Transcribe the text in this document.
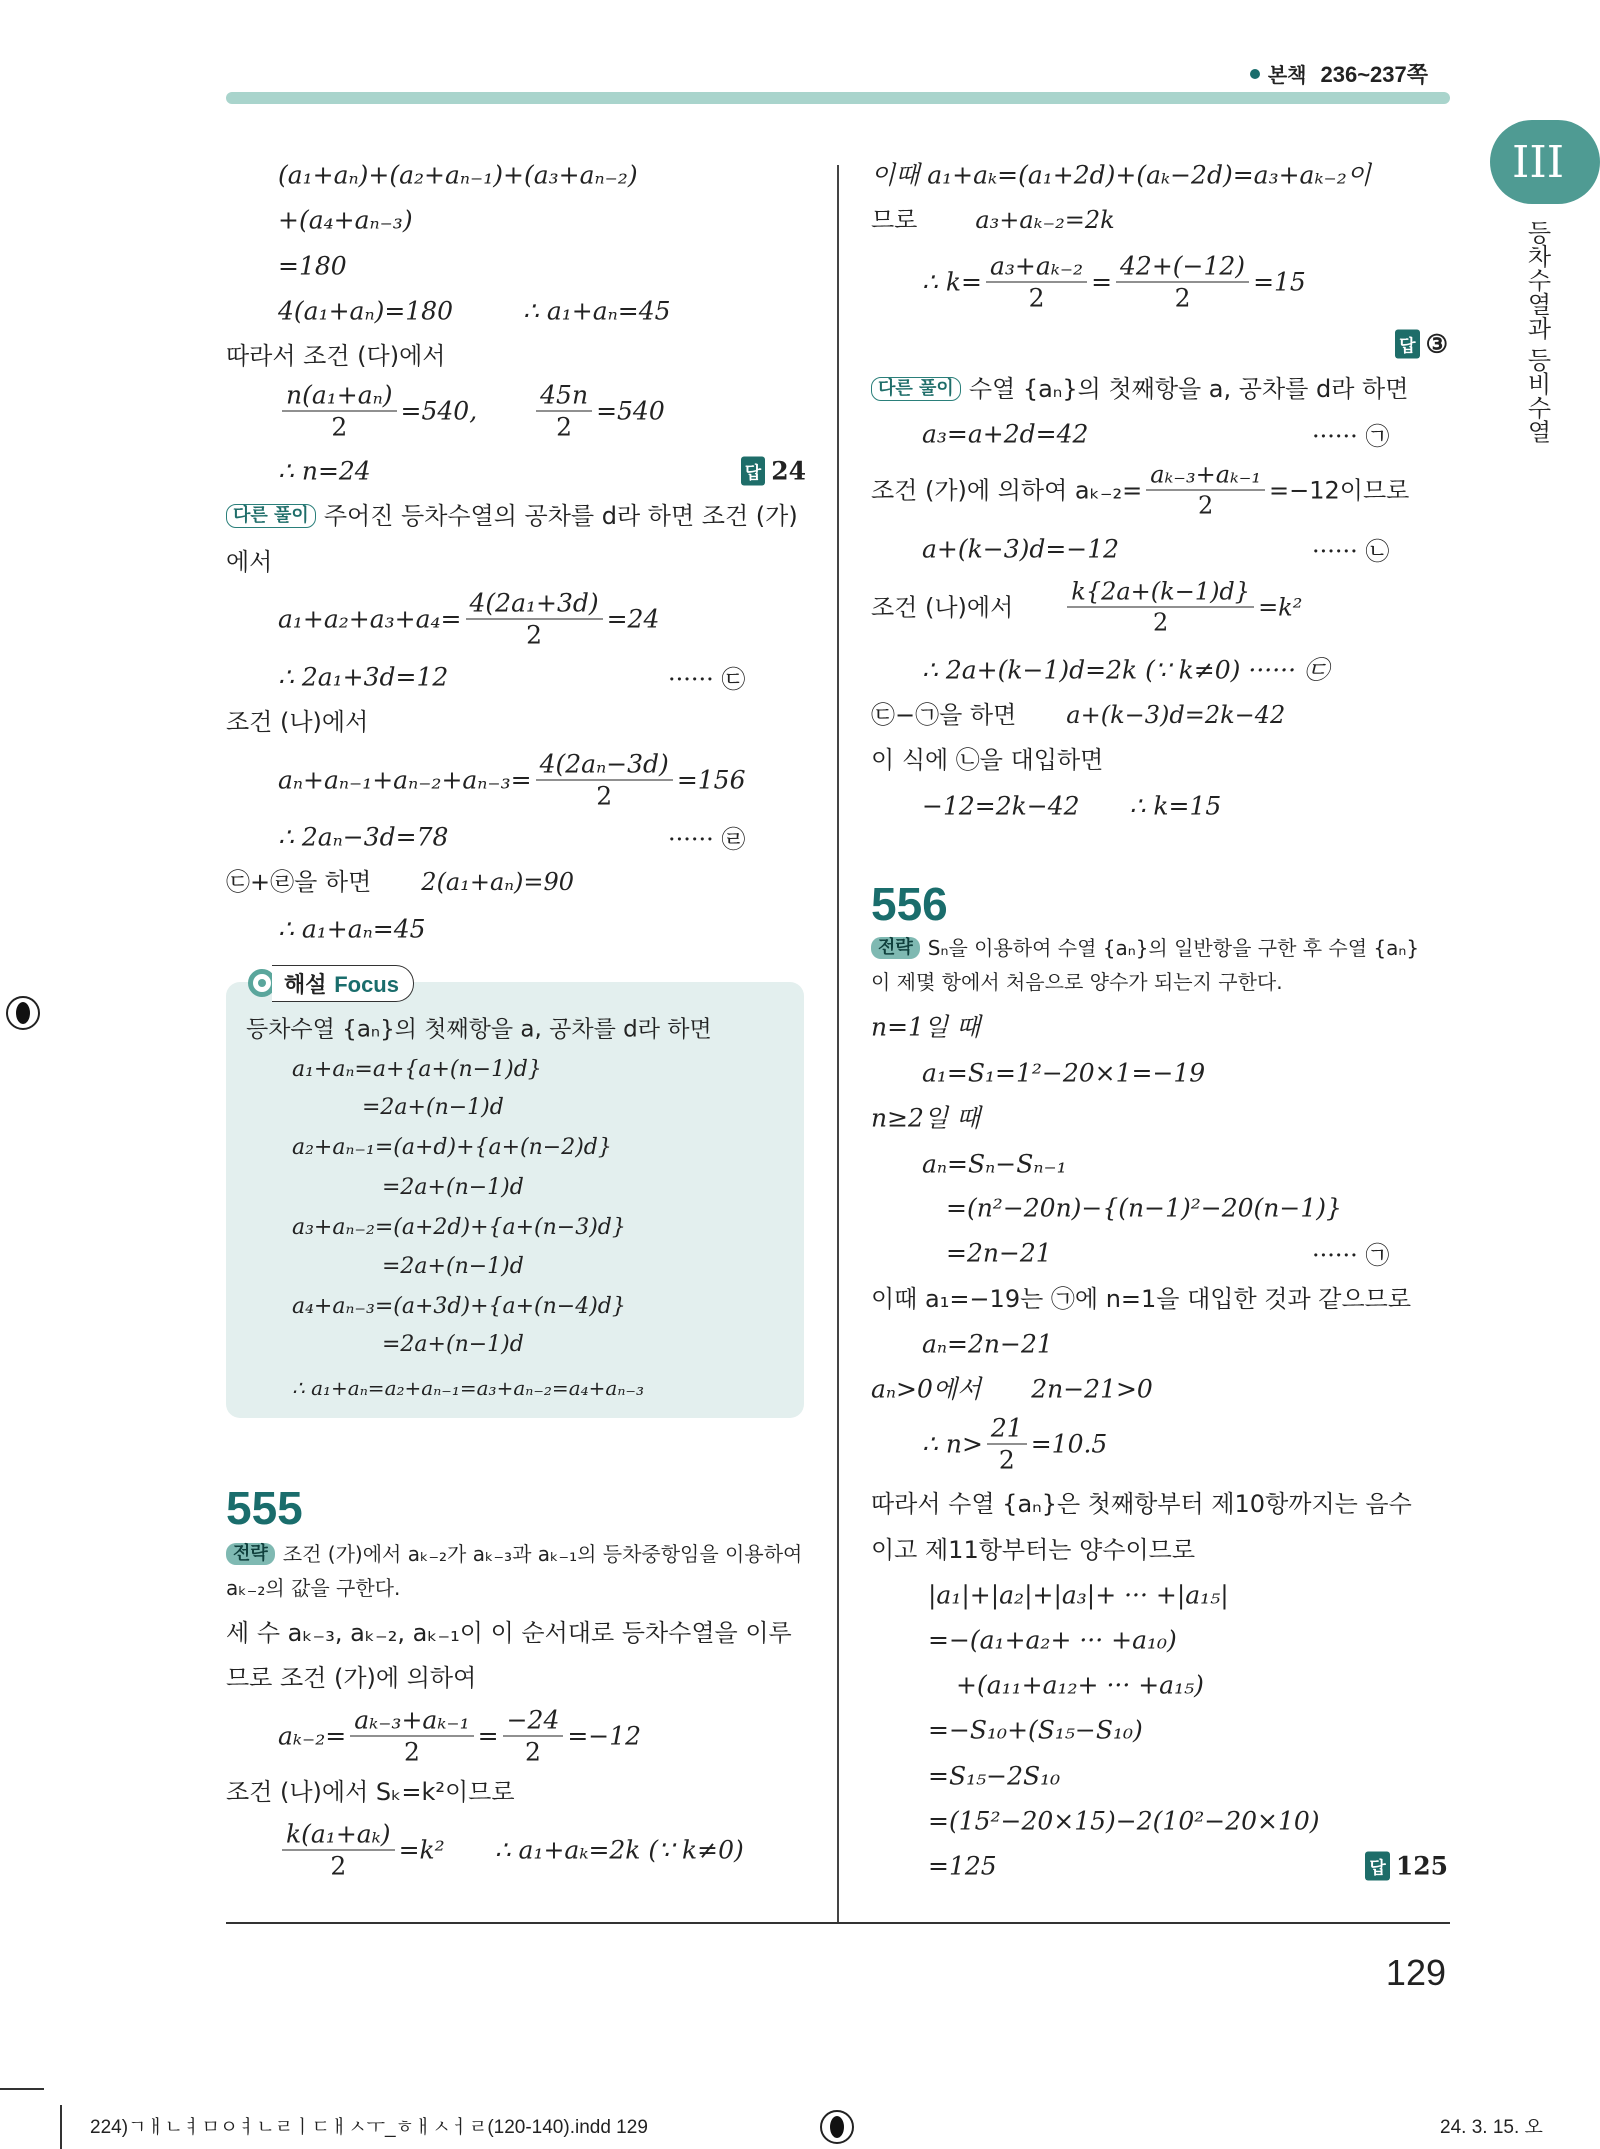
본책 236~237쪽
III
등차수열과 등비수열
(a₁+aₙ)+(a₂+aₙ₋₁)+(a₃+aₙ₋₂)
+(a₄+aₙ₋₃)
=180
4(a₁+aₙ)=180	∴ a₁+aₙ=45
따라서 조건 (다)에서
$\frac{\text{n(a₁+aₙ)}}{2} =540$, $\frac{45n}{2} =540$
∴ n=24	답 24
다른 풀이 주어진 등차수열의 공차를 d라 하면 조건 (가)
에서
$a_1+a_2+a_3+a_4= \frac{\text{4(2a₁+3d)}}{2} =24$
∴ 2a₁+3d=12	······ ㉢
조건 (나)에서
$a_n+a_{n-1}+a_{n-2}+a_{n-3}= \frac{\text{4(2aₙ−3d)}}{2} =156$
∴ 2aₙ−3d=78	······ ㉣
㉢+㉣을 하면 2(a₁+aₙ)=90
∴ a₁+aₙ=45
해설 Focus
등차수열 {aₙ}의 첫째항을 a, 공차를 d라 하면
a₁+aₙ=a+{a+(n−1)d}
=2a+(n−1)d
a₂+aₙ₋₁=(a+d)+{a+(n−2)d}
=2a+(n−1)d
a₃+aₙ₋₂=(a+2d)+{a+(n−3)d}
=2a+(n−1)d
a₄+aₙ₋₃=(a+3d)+{a+(n−4)d}
=2a+(n−1)d
∴ a₁+aₙ=a₂+aₙ₋₁=a₃+aₙ₋₂=a₄+aₙ₋₃
555
전략 조건 (가)에서 aₖ₋₂가 aₖ₋₃과 aₖ₋₁의 등차중항임을 이용하여
aₖ₋₂의 값을 구한다.
세 수 aₖ₋₃, aₖ₋₂, aₖ₋₁이 이 순서대로 등차수열을 이루
므로 조건 (가)에 의하여
$a_{k-2}= \frac{\text{aₖ₋₃+aₖ₋₁}}{2} = \frac{-24}{2} =-12$
조건 (나)에서 Sₖ=k²이므로
$\frac{\text{k(a₁+aₖ)}}{2} =k^2$ ∴ a₁+aₖ=2k (∵ k≠0)
이때 a₁+aₖ=(a₁+2d)+(aₖ−2d)=a₃+aₖ₋₂이
므로 a₃+aₖ₋₂=2k
∴ $k= \frac{\text{a₃+aₖ₋₂}}{2} = \frac{42+(-12)}{2} =15$
답 ③
다른 풀이 수열 {aₙ}의 첫째항을 a, 공차를 d라 하면
a₃=a+2d=42	······ ㉠
조건 (가)에 의하여 $a_{k-2}= \frac{\text{aₖ₋₃+aₖ₋₁}}{2} =-12$이므로
a+(k−3)d=−12	······ ㉡
조건 (나)에서 $\frac{k\{2a+(k-1)d\}}{2} =k^2$
∴ 2a+(k−1)d=2k (∵ k≠0) ······ ㉢
㉢−㉠을 하면 a+(k−3)d=2k−42
이 식에 ㉡을 대입하면
−12=2k−42 ∴ k=15
556
전략 Sₙ을 이용하여 수열 {aₙ}의 일반항을 구한 후 수열 {aₙ}
이 제몇 항에서 처음으로 양수가 되는지 구한다.
n=1일 때
a₁=S₁=1²−20×1=−19
n≥2일 때
aₙ=Sₙ−Sₙ₋₁
=(n²−20n)−{(n−1)²−20(n−1)}
=2n−21	······ ㉠
이때 a₁=−19는 ㉠에 n=1을 대입한 것과 같으므로
aₙ=2n−21
aₙ>0에서 2n−21>0
∴ $n> \frac{21}{2} =10.5$
따라서 수열 {aₙ}은 첫째항부터 제10항까지는 음수
이고 제11항부터는 양수이므로
|a₁|+|a₂|+|a₃|+ ··· +|a₁₅|
=−(a₁+a₂+ ··· +a₁₀)
+(a₁₁+a₁₂+ ··· +a₁₅)
=−S₁₀+(S₁₅−S₁₀)
=S₁₅−2S₁₀
=(15²−20×15)−2(10²−20×10)
=125	답 125
129
224)ㄱㅐㄴㅕㅁㅇㅕㄴㄹㅣㄷㅐㅅㅜ_ㅎㅐㅅㅓㄹ(120-140).indd 129	24. 3. 15. 오
